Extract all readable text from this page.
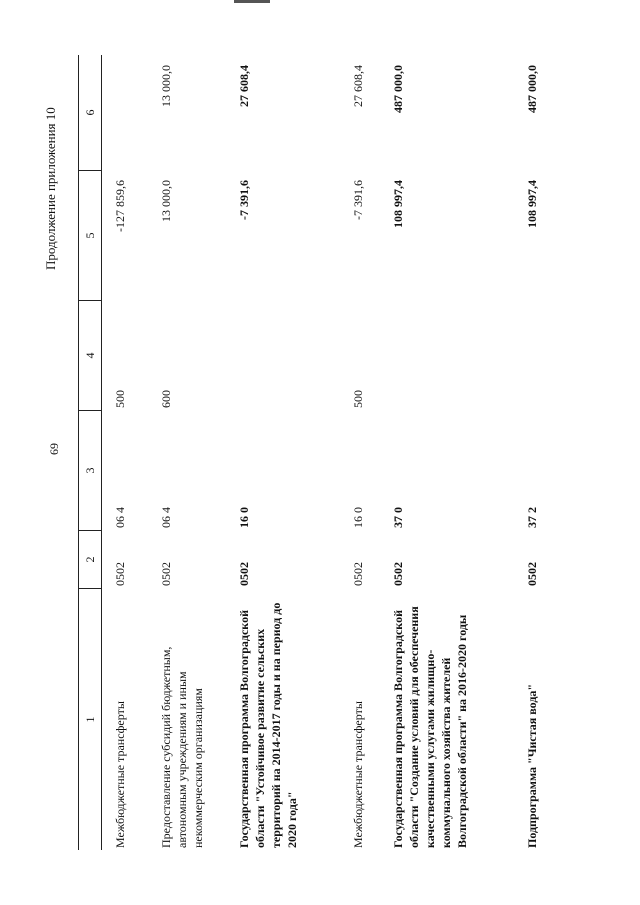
69
Продолжение приложения 10
1
2
3
4
5
6
Межбюджетные трансферты
0502
06 4
500
-127 859,6
Предоставление субсидий бюджетным, автономным учреждениям и иным некоммерческим организациям
0502
06 4
600
13 000,0
13 000,0
Государственная программа Волгоградской области "Устойчивое развитие сельских территорий на 2014-2017 годы и на период до 2020 года"
0502
16 0
-7 391,6
27 608,4
Межбюджетные трансферты
0502
16 0
500
-7 391,6
27 608,4
Государственная программа Волгоградской области "Создание условий для обеспечения качественными услугами жилищно-коммунального хозяйства жителей Волгоградской области" на 2016-2020 годы
0502
37 0
108 997,4
487 000,0
Подпрограмма "Чистая вода"
0502
37 2
108 997,4
487 000,0
